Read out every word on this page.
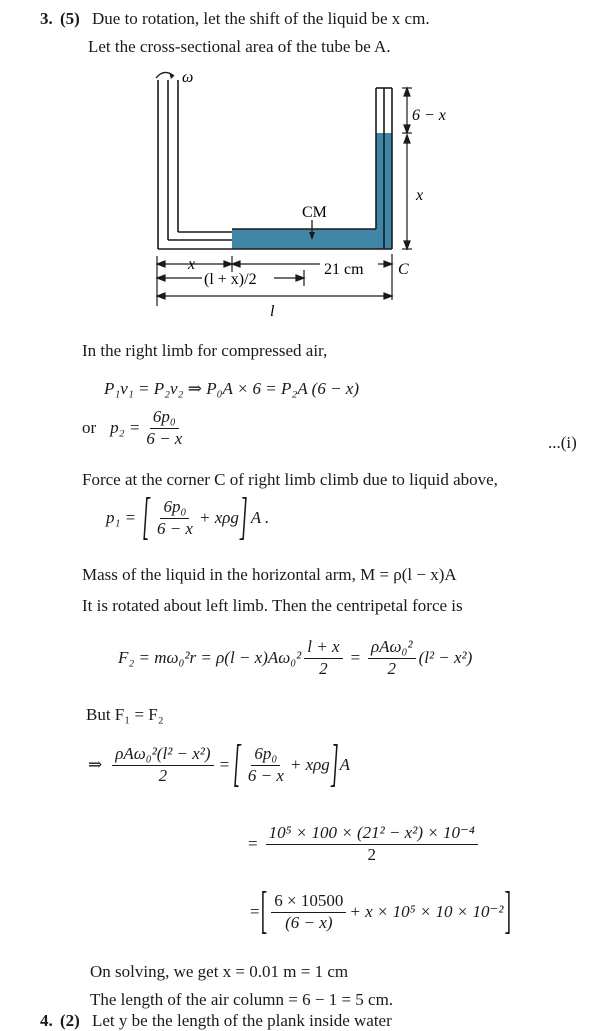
3. (5) Due to rotation, let the shift of the liquid be x cm.
Let the cross-sectional area of the tube be A.
ω
6 − x
x
CM
x	21 cm C
(l + x)/2
l
In the right limb for compressed air,
P₁v₁ = P₂v₂ ⇒ P₀A × 6 = P₂A (6 − x)
or $p_2 = \frac{\text{6p₀}}{6 - x}$	...(i)
Force at the corner C of right limb climb due to liquid above,
p₁ = [ $\frac{\text{6p₀}}{6 - x} + x\rho g$ ] A .
Mass of the liquid in the horizontal arm, M = ρ(l − x)A
It is rotated about left limb. Then the centripetal force is
$F_2 = m\omega_0^2r = \rho(l - x)A\omega_0^2 \frac{l + x}{2} = \frac{\text{ρAω₀²}}{2} (l^2 - x^2)$
But F₁ = F₂
⇒ $\frac{\text{ρAω₀²(l² − x²)}}{2}$ = [ $\frac{\text{6p₀}}{6 - x} + x\rho g$ ] A
= $\frac{\text{10⁵ × 100 × (21² − x²) × 10⁻⁴}}{2}$
= [ $\frac{6 \times 10500}{(6 - x)} + x \times 10^5 \times 10 \times 10^{-2}$ ]
On solving, we get x = 0.01 m = 1 cm
The length of the air column = 6 − 1 = 5 cm.
4. (2) Let y be the length of the plank inside water
